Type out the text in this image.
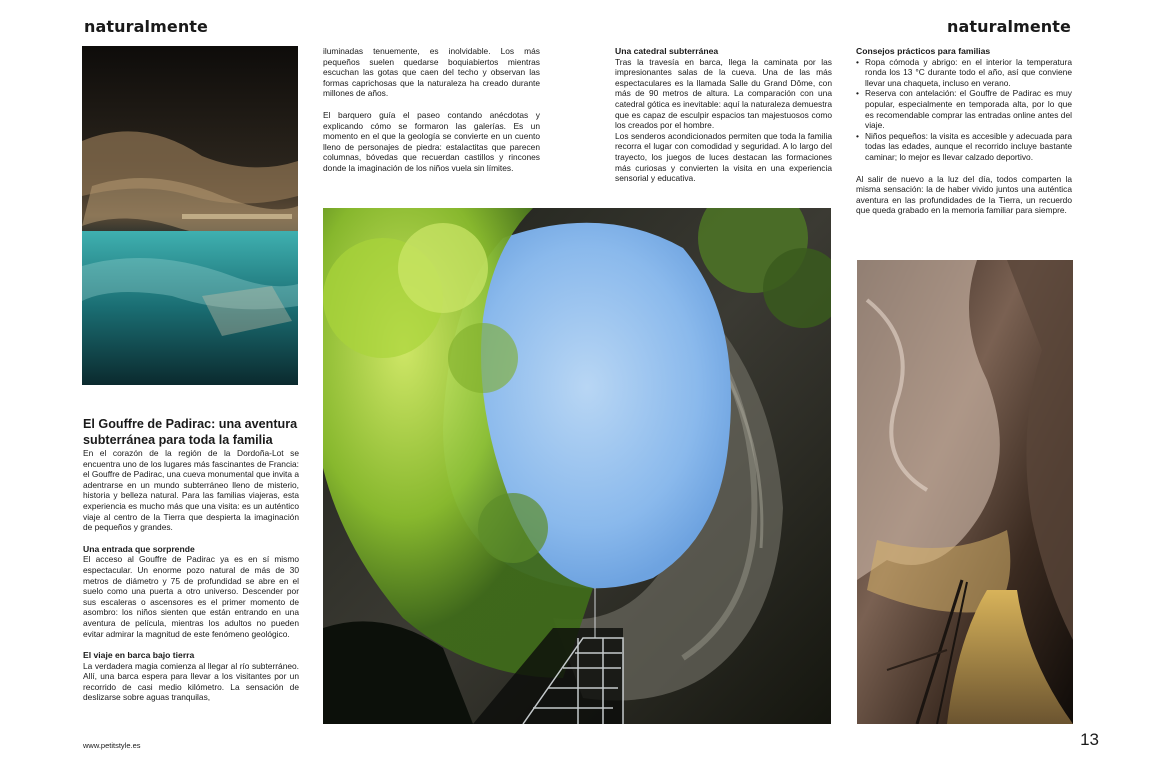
naturalmente	naturalmente
El Gouffre de Padirac: una aventura subterránea para toda la familia

En el corazón de la región de la Dordoña-Lot se encuentra uno de los lugares más fascinantes de Francia: el Gouffre de Padirac, una cueva monumental que invita a adentrarse en un mundo subterráneo lleno de misterio, historia y belleza natural. Para las familias viajeras, esta experiencia es mucho más que una visita: es un auténtico viaje al centro de la Tierra que despierta la imaginación de pequeños y grandes.

Una entrada que sorprende

El acceso al Gouffre de Padirac ya es en sí mismo espectacular. Un enorme pozo natural de más de 30 metros de diámetro y 75 de profundidad se abre en el suelo como una puerta a otro universo. Descender por sus escaleras o ascensores es el primer momento de asombro: los niños sienten que están entrando en una aventura de película, mientras los adultos no pueden evitar admirar la magnitud de este fenómeno geológico.

El viaje en barca bajo tierra

La verdadera magia comienza al llegar al río subterráneo. Allí, una barca espera para llevar a los visitantes por un recorrido de casi medio kilómetro. La sensación de deslizarse sobre aguas tranquilas,

iluminadas tenuemente, es inolvidable. Los más pequeños suelen quedarse boquiabiertos mientras escuchan las gotas que caen del techo y observan las formas caprichosas que la naturaleza ha creado durante millones de años.

El barquero guía el paseo contando anécdotas y explicando cómo se formaron las galerías. Es un momento en el que la geología se convierte en un cuento lleno de personajes de piedra: estalactitas que parecen columnas, bóvedas que recuerdan castillos y rincones donde la imaginación de los niños vuela sin límites.

Una catedral subterránea

Tras la travesía en barca, llega la caminata por las impresionantes salas de la cueva. Una de las más espectaculares es la llamada Salle du Grand Dôme, con más de 90 metros de altura. La comparación con una catedral gótica es inevitable: aquí la naturaleza demuestra que es capaz de esculpir espacios tan majestuosos como los creados por el hombre.

Los senderos acondicionados permiten que toda la familia recorra el lugar con comodidad y seguridad. A lo largo del trayecto, los juegos de luces destacan las formaciones más curiosas y convierten la visita en una experiencia sensorial y educativa.

Consejos prácticos para familias

• Ropa cómoda y abrigo: en el interior la temperatura ronda los 13 °C durante todo el año, así que conviene llevar una chaqueta, incluso en verano.
• Reserva con antelación: el Gouffre de Padirac es muy popular, especialmente en temporada alta, por lo que es recomendable comprar las entradas online antes del viaje.
• Niños pequeños: la visita es accesible y adecuada para todas las edades, aunque el recorrido incluye bastante caminar; lo mejor es llevar calzado deportivo.

Al salir de nuevo a la luz del día, todos comparten la misma sensación: la de haber vivido juntos una auténtica aventura en las profundidades de la Tierra, un recuerdo que queda grabado en la memoria familiar para siempre.

www.petitstyle.es	13
